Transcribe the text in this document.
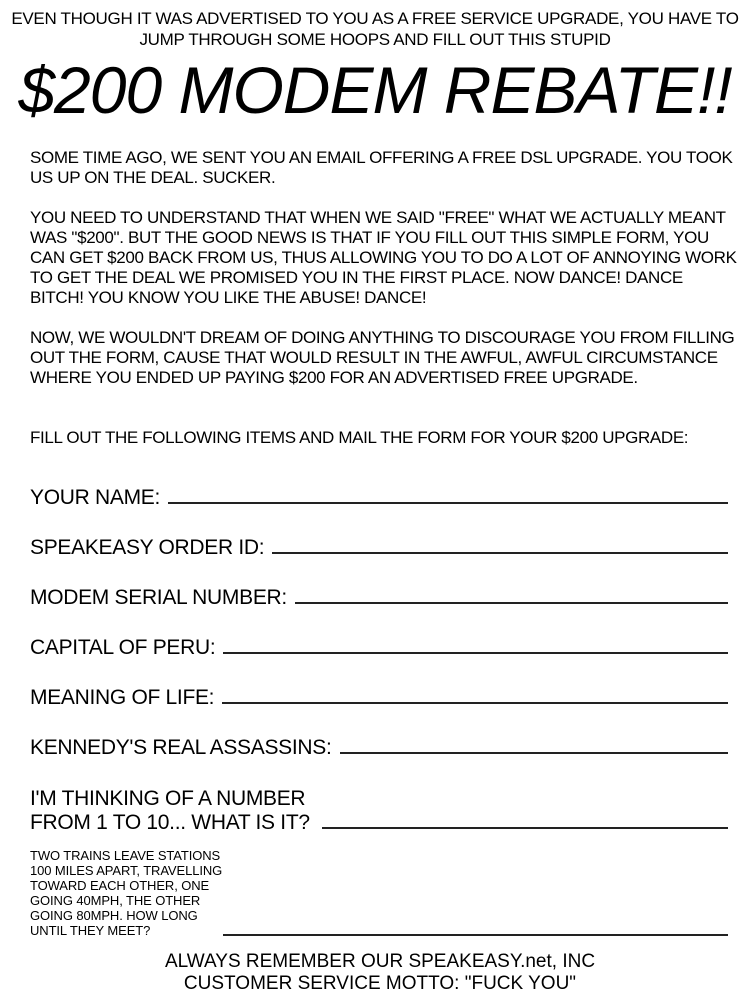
EVEN THOUGH IT WAS ADVERTISED TO YOU AS A FREE SERVICE UPGRADE, YOU HAVE TO JUMP THROUGH SOME HOOPS AND FILL OUT THIS STUPID
$200 MODEM REBATE!!
SOME TIME AGO, WE SENT YOU AN EMAIL OFFERING A FREE DSL UPGRADE. YOU TOOK US UP ON THE DEAL. SUCKER.
YOU NEED TO UNDERSTAND THAT WHEN WE SAID "FREE" WHAT WE ACTUALLY MEANT WAS "$200". BUT THE GOOD NEWS IS THAT IF YOU FILL OUT THIS SIMPLE FORM, YOU CAN GET $200 BACK FROM US, THUS ALLOWING YOU TO DO A LOT OF ANNOYING WORK TO GET THE DEAL WE PROMISED YOU IN THE FIRST PLACE. NOW DANCE! DANCE BITCH! YOU KNOW YOU LIKE THE ABUSE! DANCE!
NOW, WE WOULDN'T DREAM OF DOING ANYTHING TO DISCOURAGE YOU FROM FILLING OUT THE FORM, CAUSE THAT WOULD RESULT IN THE AWFUL, AWFUL CIRCUMSTANCE WHERE YOU ENDED UP PAYING $200 FOR AN ADVERTISED FREE UPGRADE.
FILL OUT THE FOLLOWING ITEMS AND MAIL THE FORM FOR YOUR $200 UPGRADE:
YOUR NAME:
SPEAKEASY ORDER ID:
MODEM SERIAL NUMBER:
CAPITAL OF PERU:
MEANING OF LIFE:
KENNEDY'S REAL ASSASSINS:
I'M THINKING OF A NUMBER
FROM 1 TO 10... WHAT IS IT?
TWO TRAINS LEAVE STATIONS
100 MILES APART, TRAVELLING
TOWARD EACH OTHER, ONE
GOING 40MPH, THE OTHER
GOING 80MPH. HOW LONG
UNTIL THEY MEET?
ALWAYS REMEMBER OUR SPEAKEASY.net, INC
CUSTOMER SERVICE MOTTO: "FUCK YOU"
